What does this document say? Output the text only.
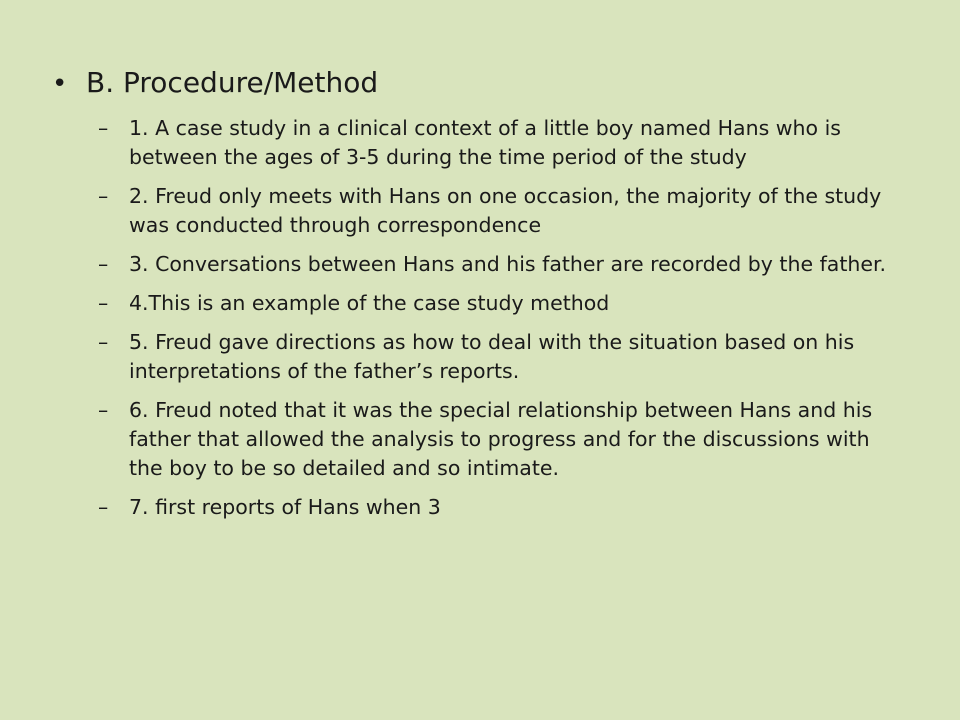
• B. Procedure/Method
–	1. A case study in a clinical context of a little boy named Hans who is between the ages of 3-5 during the time period of the study
–	2. Freud only meets with Hans on one occasion, the majority of the study was conducted through correspondence
–	3. Conversations between Hans and his father are recorded by the father.
–	4.This is an example of the case study method
–	5. Freud gave directions as how to deal with the situation based on his interpretations of the father’s reports.
–	6. Freud noted that it was the special relationship between Hans and his father that allowed the analysis to progress and for the discussions with the boy to be so detailed and so intimate.
–	7. first reports of Hans when 3
